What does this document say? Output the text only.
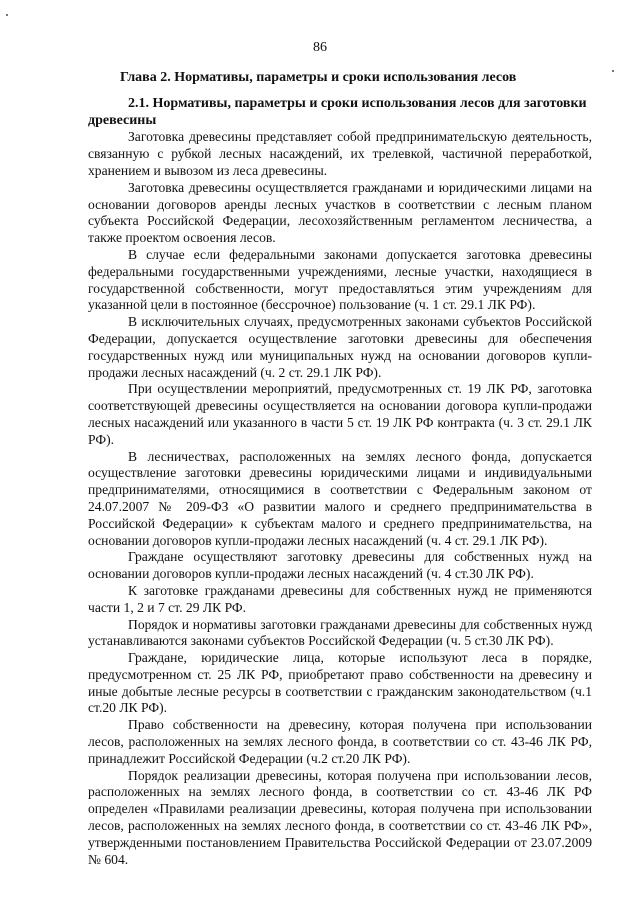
86
Глава 2. Нормативы, параметры и сроки использования лесов
2.1. Нормативы, параметры и сроки использования лесов для заготовки
древесины

Заготовка древесины представляет собой предпринимательскую деятельность, связанную с рубкой лесных насаждений, их трелевкой, частичной переработкой, хранением и вывозом из леса древесины.

Заготовка древесины осуществляется гражданами и юридическими лицами на основании договоров аренды лесных участков в соответствии с лесным планом субъекта Российской Федерации, лесохозяйственным регламентом лесничества, а также проектом освоения лесов.

В случае если федеральными законами допускается заготовка древесины федеральными государственными учреждениями, лесные участки, находящиеся в государственной собственности, могут предоставляться этим учреждениям для указанной цели в постоянное (бессрочное) пользование (ч. 1 ст. 29.1 ЛК РФ).

В исключительных случаях, предусмотренных законами субъектов Российской Федерации, допускается осуществление заготовки древесины для обеспечения государственных нужд или муниципальных нужд на основании договоров купли-продажи лесных насаждений (ч. 2 ст. 29.1 ЛК РФ).

При осуществлении мероприятий, предусмотренных ст. 19 ЛК РФ, заготовка соответствующей древесины осуществляется на основании договора купли-продажи лесных насаждений или указанного в части 5 ст. 19 ЛК РФ контракта (ч. 3 ст. 29.1 ЛК РФ).

В лесничествах, расположенных на землях лесного фонда, допускается осуществление заготовки древесины юридическими лицами и индивидуальными предпринимателями, относящимися в соответствии с Федеральным законом от 24.07.2007 № 209-ФЗ «О развитии малого и среднего предпринимательства в Российской Федерации» к субъектам малого и среднего предпринимательства, на основании договоров купли-продажи лесных насаждений (ч. 4 ст. 29.1 ЛК РФ).

Граждане осуществляют заготовку древесины для собственных нужд на основании договоров купли-продажи лесных насаждений (ч. 4 ст.30 ЛК РФ).

К заготовке гражданами древесины для собственных нужд не применяются части 1, 2 и 7 ст. 29 ЛК РФ.

Порядок и нормативы заготовки гражданами древесины для собственных нужд устанавливаются законами субъектов Российской Федерации (ч. 5 ст.30 ЛК РФ).

Граждане, юридические лица, которые используют леса в порядке, предусмотренном ст. 25 ЛК РФ, приобретают право собственности на древесину и иные добытые лесные ресурсы в соответствии с гражданским законодательством (ч.1 ст.20 ЛК РФ).

Право собственности на древесину, которая получена при использовании лесов, расположенных на землях лесного фонда, в соответствии со ст. 43-46 ЛК РФ, принадлежит Российской Федерации (ч.2 ст.20 ЛК РФ).

Порядок реализации древесины, которая получена при использовании лесов, расположенных на землях лесного фонда, в соответствии со ст. 43-46 ЛК РФ определен «Правилами реализации древесины, которая получена при использовании лесов, расположенных на землях лесного фонда, в соответствии со ст. 43-46 ЛК РФ», утвержденными постановлением Правительства Российской Федерации от 23.07.2009 № 604.
